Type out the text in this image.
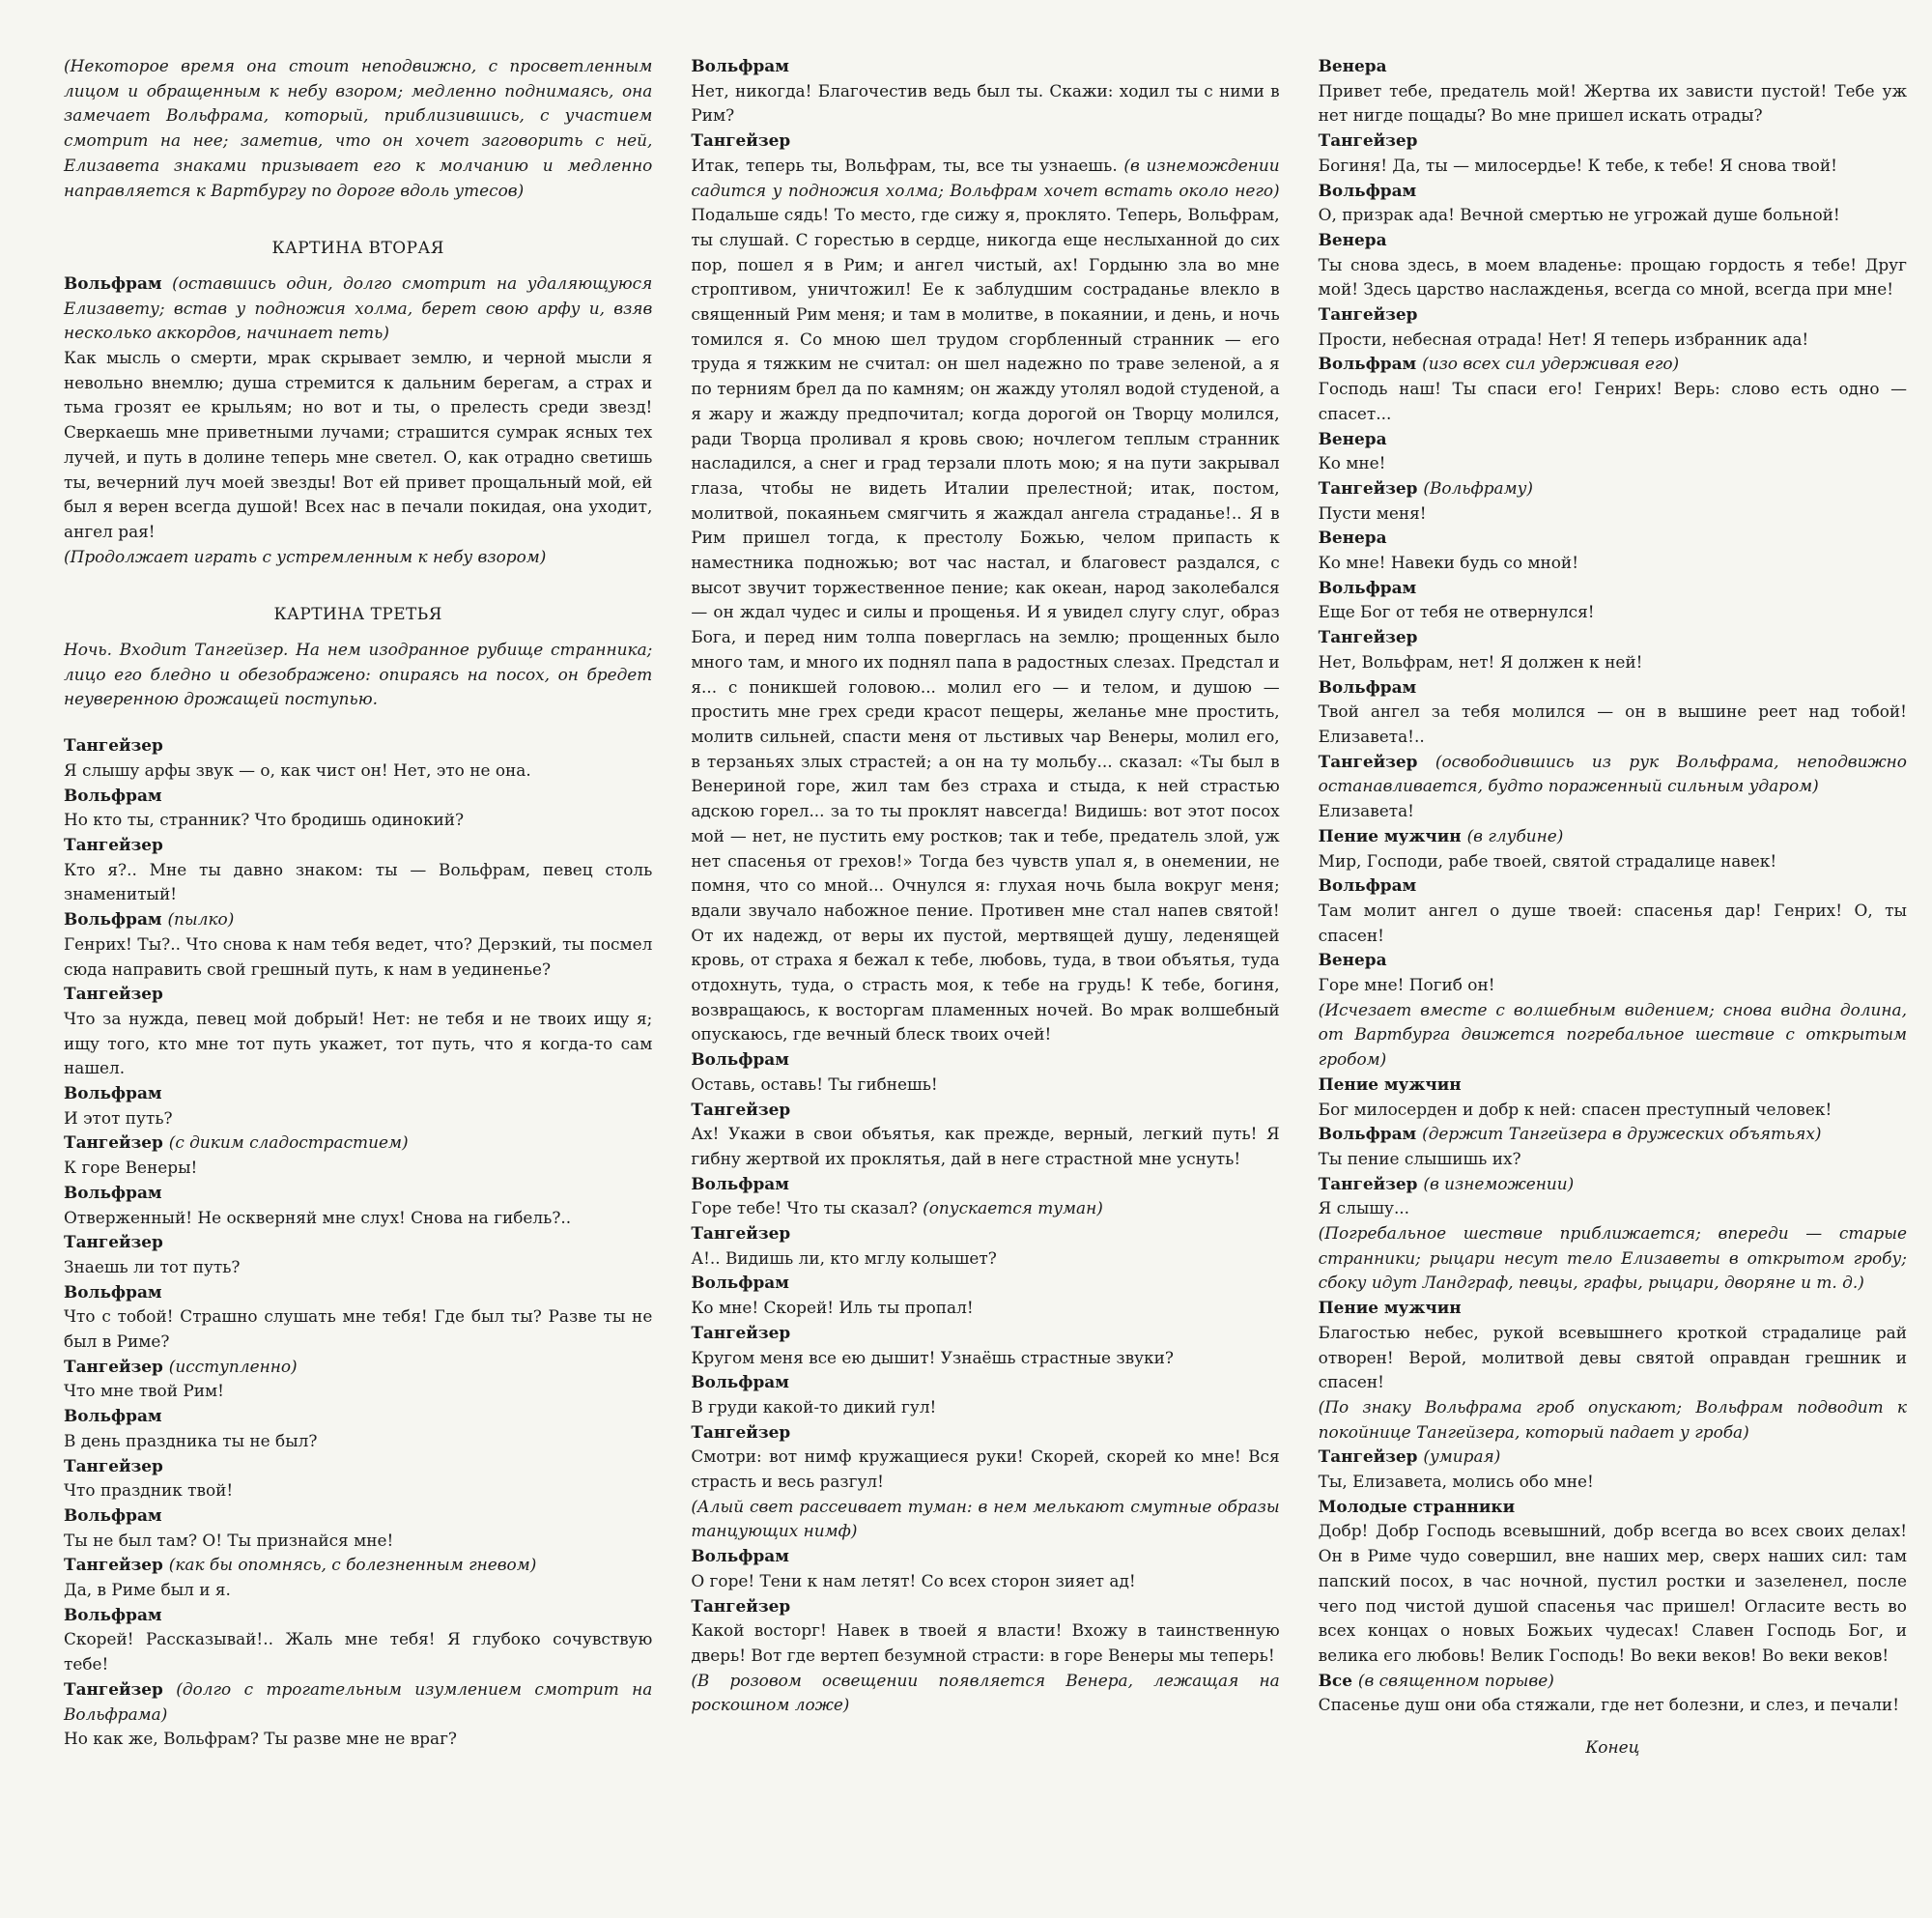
(Некоторое время она стоит неподвижно, с просветленным лицом и обращенным к небу взором; медленно поднимаясь, она замечает Вольфрама, который, приблизившись, с участием смотрит на нее; заметив, что он хочет заговорить с ней, Елизавета знаками призывает его к молчанию и медленно направляется к Вартбургу по дороге вдоль утесов)

КАРТИНА ВТОРАЯ

Вольфрам (оставшись один, долго смотрит на удаляющуюся Елизавету; встав у подножия холма, берет свою арфу и, взяв несколько аккордов, начинает петь)

Как мысль о смерти, мрак скрывает землю, и черной мысли я невольно внемлю; душа стремится к дальним берегам, а страх и тьма грозят ее крыльям; но вот и ты, о прелесть среди звезд! Сверкаешь мне приветными лучами; страшится сумрак ясных тех лучей, и путь в долине теперь мне светел. О, как отрадно светишь ты, вечерний луч моей звезды! Вот ей привет прощальный мой, ей был я верен всегда душой! Всех нас в печали покидая, она уходит, ангел рая!

(Продолжает играть с устремленным к небу взором)

КАРТИНА ТРЕТЬЯ

Ночь. Входит Тангейзер. На нем изодранное рубище странника; лицо его бледно и обезображено: опираясь на посох, он бредет неуверенною дрожащей поступью.

Тангейзер

Я слышу арфы звук — о, как чист он! Нет, это не она.

Вольфрам

Но кто ты, странник? Что бродишь одинокий?

Тангейзер

Кто я?.. Мне ты давно знаком: ты — Вольфрам, певец столь знаменитый!

Вольфрам (пылко)

Генрих! Ты?.. Что снова к нам тебя ведет, что? Дерзкий, ты посмел сюда направить свой грешный путь, к нам в уединенье?

Тангейзер

Что за нужда, певец мой добрый! Нет: не тебя и не твоих ищу я; ищу того, кто мне тот путь укажет, тот путь, что я когда-то сам нашел.

Вольфрам

И этот путь?

Тангейзер (с диким сладострастием)

К горе Венеры!

Вольфрам

Отверженный! Не оскверняй мне слух! Снова на гибель?..

Тангейзер

Знаешь ли тот путь?

Вольфрам

Что с тобой! Страшно слушать мне тебя! Где был ты? Разве ты не был в Риме?

Тангейзер (исступленно)

Что мне твой Рим!

Вольфрам

В день праздника ты не был?

Тангейзер

Что праздник твой!

Вольфрам

Ты не был там? О! Ты признайся мне!

Тангейзер (как бы опомнясь, с болезненным гневом)

Да, в Риме был и я.

Вольфрам

Скорей! Рассказывай!.. Жаль мне тебя! Я глубоко сочувствую тебе!

Тангейзер (долго с трогательным изумлением смотрит на Вольфрама)

Но как же, Вольфрам? Ты разве мне не враг?

Вольфрам

Нет, никогда! Благочестив ведь был ты. Скажи: ходил ты с ними в Рим?

Тангейзер

Итак, теперь ты, Вольфрам, ты, все ты узнаешь. (в изнемождении садится у подножия холма; Вольфрам хочет встать около него) Подальше сядь! То место, где сижу я, проклято. Теперь, Вольфрам, ты слушай. С горестью в сердце, никогда еще неслыханной до сих пор, пошел я в Рим; и ангел чистый, ах! Гордыню зла во мне строптивом, уничтожил! Ее к заблудшим состраданье влекло в священный Рим меня; и там в молитве, в покаянии, и день, и ночь томился я. Со мною шел трудом сгорбленный странник — его труда я тяжким не считал: он шел надежно по траве зеленой, а я по терниям брел да по камням; он жажду утолял водой студеной, а я жару и жажду предпочитал; когда дорогой он Творцу молился, ради Творца проливал я кровь свою; ночлегом теплым странник насладился, а снег и град терзали плоть мою; я на пути закрывал глаза, чтобы не видеть Италии прелестной; итак, постом, молитвой, покаяньем смягчить я жаждал ангела страданье!.. Я в Рим пришел тогда, к престолу Божью, челом припасть к наместника подножью; вот час настал, и благовест раздался, с высот звучит торжественное пение; как океан, народ заколебался — он ждал чудес и силы и прощенья. И я увидел слугу слуг, образ Бога, и перед ним толпа поверглась на землю; прощенных было много там, и много их поднял папа в радостных слезах. Предстал и я... с поникшей головою... молил его — и телом, и душою — простить мне грех среди красот пещеры, желанье мне простить, молитв сильней, спасти меня от льстивых чар Венеры, молил его, в терзаньях злых страстей; а он на ту мольбу... сказал: «Ты был в Венериной горе, жил там без страха и стыда, к ней страстью адскою горел... за то ты проклят навсегда! Видишь: вот этот посох мой — нет, не пустить ему ростков; так и тебе, предатель злой, уж нет спасенья от грехов!» Тогда без чувств упал я, в онемении, не помня, что со мной... Очнулся я: глухая ночь была вокруг меня; вдали звучало набожное пение. Противен мне стал напев святой! От их надежд, от веры их пустой, мертвящей душу, леденящей кровь, от страха я бежал к тебе, любовь, туда, в твои объятья, туда отдохнуть, туда, о страсть моя, к тебе на грудь! К тебе, богиня, возвращаюсь, к восторгам пламенных ночей. Во мрак волшебный опускаюсь, где вечный блеск твоих очей!

Вольфрам

Оставь, оставь! Ты гибнешь!

Тангейзер

Ах! Укажи в свои объятья, как прежде, верный, легкий путь! Я гибну жертвой их проклятья, дай в неге страстной мне уснуть!

Вольфрам

Горе тебе! Что ты сказал? (опускается туман)

Тангейзер

А!.. Видишь ли, кто мглу колышет?

Вольфрам

Ко мне! Скорей! Иль ты пропал!

Тангейзер

Кругом меня все ею дышит! Узнаёшь страстные звуки?

Вольфрам

В груди какой-то дикий гул!

Тангейзер

Смотри: вот нимф кружащиеся руки! Скорей, скорей ко мне! Вся страсть и весь разгул!

(Алый свет рассеивает туман: в нем мелькают смутные образы танцующих нимф)

Вольфрам

О горе! Тени к нам летят! Со всех сторон зияет ад!

Тангейзер

Какой восторг! Навек в твоей я власти! Вхожу в таинственную дверь! Вот где вертеп безумной страсти: в горе Венеры мы теперь!

(В розовом освещении появляется Венера, лежащая на роскошном ложе)

Венера

Привет тебе, предатель мой! Жертва их зависти пустой! Тебе уж нет нигде пощады? Во мне пришел искать отрады?

Тангейзер

Богиня! Да, ты — милосердье! К тебе, к тебе! Я снова твой!

Вольфрам

О, призрак ада! Вечной смертью не угрожай душе больной!

Венера

Ты снова здесь, в моем владенье: прощаю гордость я тебе! Друг мой! Здесь царство наслажденья, всегда со мной, всегда при мне!

Тангейзер

Прости, небесная отрада! Нет! Я теперь избранник ада!

Вольфрам (изо всех сил удерживая его)

Господь наш! Ты спаси его! Генрих! Верь: слово есть одно — спасет...

Венера

Ко мне!

Тангейзер (Вольфраму)

Пусти меня!

Венера

Ко мне! Навеки будь со мной!

Вольфрам

Еще Бог от тебя не отвернулся!

Тангейзер

Нет, Вольфрам, нет! Я должен к ней!

Вольфрам

Твой ангел за тебя молился — он в вышине реет над тобой! Елизавета!..

Тангейзер (освободившись из рук Вольфрама, неподвижно останавливается, будто пораженный сильным ударом)

Елизавета!

Пение мужчин (в глубине)

Мир, Господи, рабе твоей, святой страдалице навек!

Вольфрам

Там молит ангел о душе твоей: спасенья дар! Генрих! О, ты спасен!

Венера

Горе мне! Погиб он!

(Исчезает вместе с волшебным видением; снова видна долина, от Вартбурга движется погребальное шествие с открытым гробом)

Пение мужчин

Бог милосерден и добр к ней: спасен преступный человек!

Вольфрам (держит Тангейзера в дружеских объятьях)

Ты пение слышишь их?

Тангейзер (в изнеможении)

Я слышу...

(Погребальное шествие приближается; впереди — старые странники; рыцари несут тело Елизаветы в открытом гробу; сбоку идут Ландграф, певцы, графы, рыцари, дворяне и т. д.)

Пение мужчин

Благостью небес, рукой всевышнего кроткой страдалице рай отворен! Верой, молитвой девы святой оправдан грешник и спасен!

(По знаку Вольфрама гроб опускают; Вольфрам подводит к покойнице Тангейзера, который падает у гроба)

Тангейзер (умирая)

Ты, Елизавета, молись обо мне!

Молодые странники

Добр! Добр Господь всевышний, добр всегда во всех своих делах! Он в Риме чудо совершил, вне наших мер, сверх наших сил: там папский посох, в час ночной, пустил ростки и зазеленел, после чего под чистой душой спасенья час пришел! Огласите весть во всех концах о новых Божьих чудесах! Славен Господь Бог, и велика его любовь! Велик Господь! Во веки веков! Во веки веков!

Все (в священном порыве)

Спасенье душ они оба стяжали, где нет болезни, и слез, и печали!

Конец
